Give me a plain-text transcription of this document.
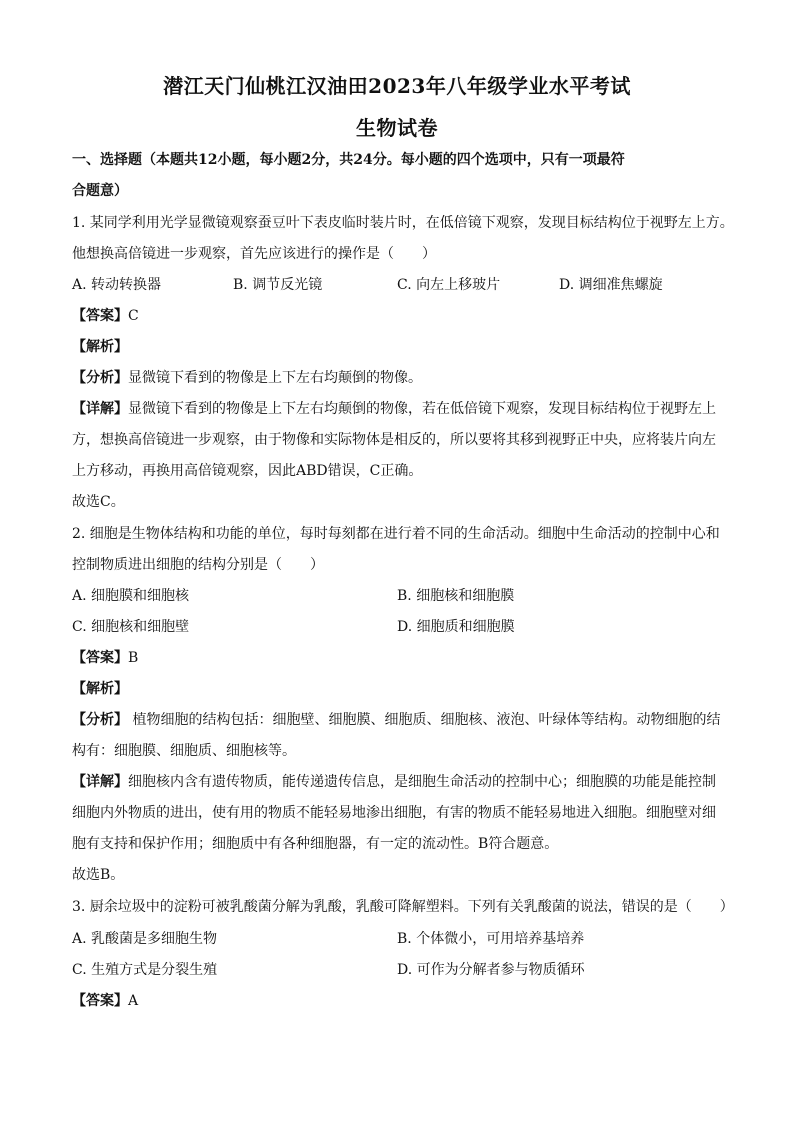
潜江天门仙桃江汉油田2023年八年级学业水平考试
生物试卷
一、选择题（本题共12小题，每小题2分，共24分。每小题的四个选项中，只有一项最符
合题意）
1. 某同学利用光学显微镜观察蚕豆叶下表皮临时装片时，在低倍镜下观察，发现目标结构位于视野左上方。
他想换高倍镜进一步观察，首先应该进行的操作是（　　）
A. 转动转换器	B. 调节反光镜	C. 向左上移玻片	D. 调细准焦螺旋
【答案】C
【解析】
【分析】显微镜下看到的物像是上下左右均颠倒的物像。
【详解】显微镜下看到的物像是上下左右均颠倒的物像，若在低倍镜下观察，发现目标结构位于视野左上
方，想换高倍镜进一步观察，由于物像和实际物体是相反的，所以要将其移到视野正中央，应将装片向左
上方移动，再换用高倍镜观察，因此ABD错误，C正确。
故选C。
2. 细胞是生物体结构和功能的单位，每时每刻都在进行着不同的生命活动。细胞中生命活动的控制中心和
控制物质进出细胞的结构分别是（　　）
A. 细胞膜和细胞核	B. 细胞核和细胞膜
C. 细胞核和细胞壁	D. 细胞质和细胞膜
【答案】B
【解析】
【分析】 植物细胞的结构包括：细胞壁、细胞膜、细胞质、细胞核、液泡、叶绿体等结构。动物细胞的结
构有：细胞膜、细胞质、细胞核等。
【详解】细胞核内含有遗传物质，能传递遗传信息，是细胞生命活动的控制中心；细胞膜的功能是能控制
细胞内外物质的进出，使有用的物质不能轻易地渗出细胞，有害的物质不能轻易地进入细胞。细胞壁对细
胞有支持和保护作用；细胞质中有各种细胞器，有一定的流动性。B符合题意。
故选B。
3. 厨余垃圾中的淀粉可被乳酸菌分解为乳酸，乳酸可降解塑料。下列有关乳酸菌的说法，错误的是（　　）
A. 乳酸菌是多细胞生物	B. 个体微小，可用培养基培养
C. 生殖方式是分裂生殖	D. 可作为分解者参与物质循环
【答案】A
